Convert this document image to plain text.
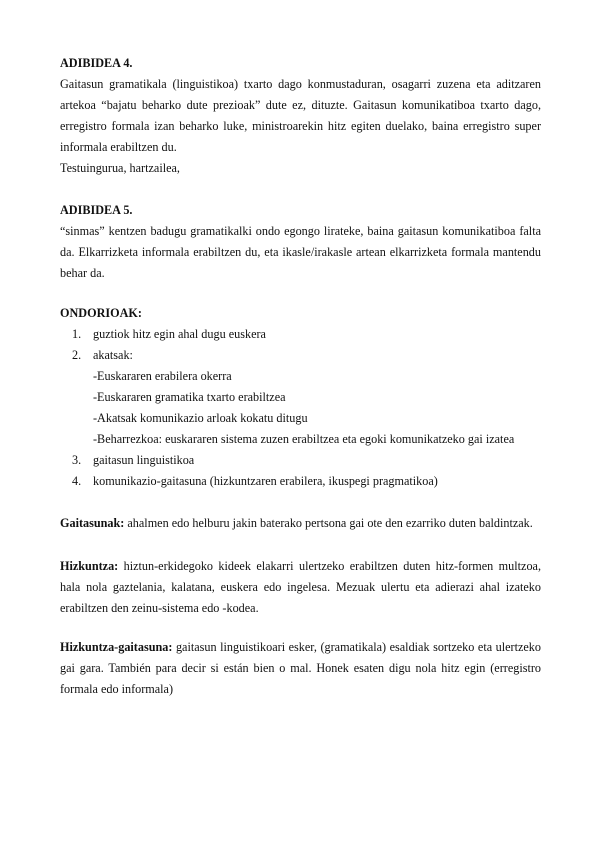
ADIBIDEA 4.
Gaitasun gramatikala (linguistikoa) txarto dago konmustaduran, osagarri zuzena eta aditzaren artekoa “bajatu beharko dute prezioak” dute ez, dituzte. Gaitasun komunikatiboa txarto dago, erregistro formala izan beharko luke, ministroarekin hitz egiten duelako, baina erregistro super informala erabiltzen du.
Testuingurua, hartzailea,
ADIBIDEA 5.
“sinmas” kentzen badugu gramatikalki ondo egongo lirateke, baina gaitasun komunikatiboa falta da. Elkarrizketa informala erabiltzen du, eta ikasle/irakasle artean elkarrizketa formala mantendu behar da.
ONDORIOAK:
1. guztiok hitz egin ahal dugu euskera
2. akatsak:
-Euskararen erabilera okerra
-Euskararen gramatika txarto erabiltzea
-Akatsak komunikazio arloak kokatu ditugu
-Beharrezkoa: euskararen sistema zuzen erabiltzea eta egoki komunikatzeko gai izatea
3. gaitasun linguistikoa
4. komunikazio-gaitasuna (hizkuntzaren erabilera, ikuspegi pragmatikoa)
Gaitasunak: ahalmen edo helburu jakin baterako pertsona gai ote den ezarriko duten baldintzak.
Hizkuntza: hiztun-erkidegoko kideek elakarri ulertzeko erabiltzen duten hitz-formen multzoa, hala nola gaztelania, kalatana, euskera edo ingelesa. Mezuak ulertu eta adierazi ahal izateko erabiltzen den zeinu-sistema edo -kodea.
Hizkuntza-gaitasuna: gaitasun linguistikoari esker, (gramatikala) esaldiak sortzeko eta ulertzeko gai gara. También para decir si están bien o mal. Honek esaten digu nola hitz egin (erregistro formala edo informala)
